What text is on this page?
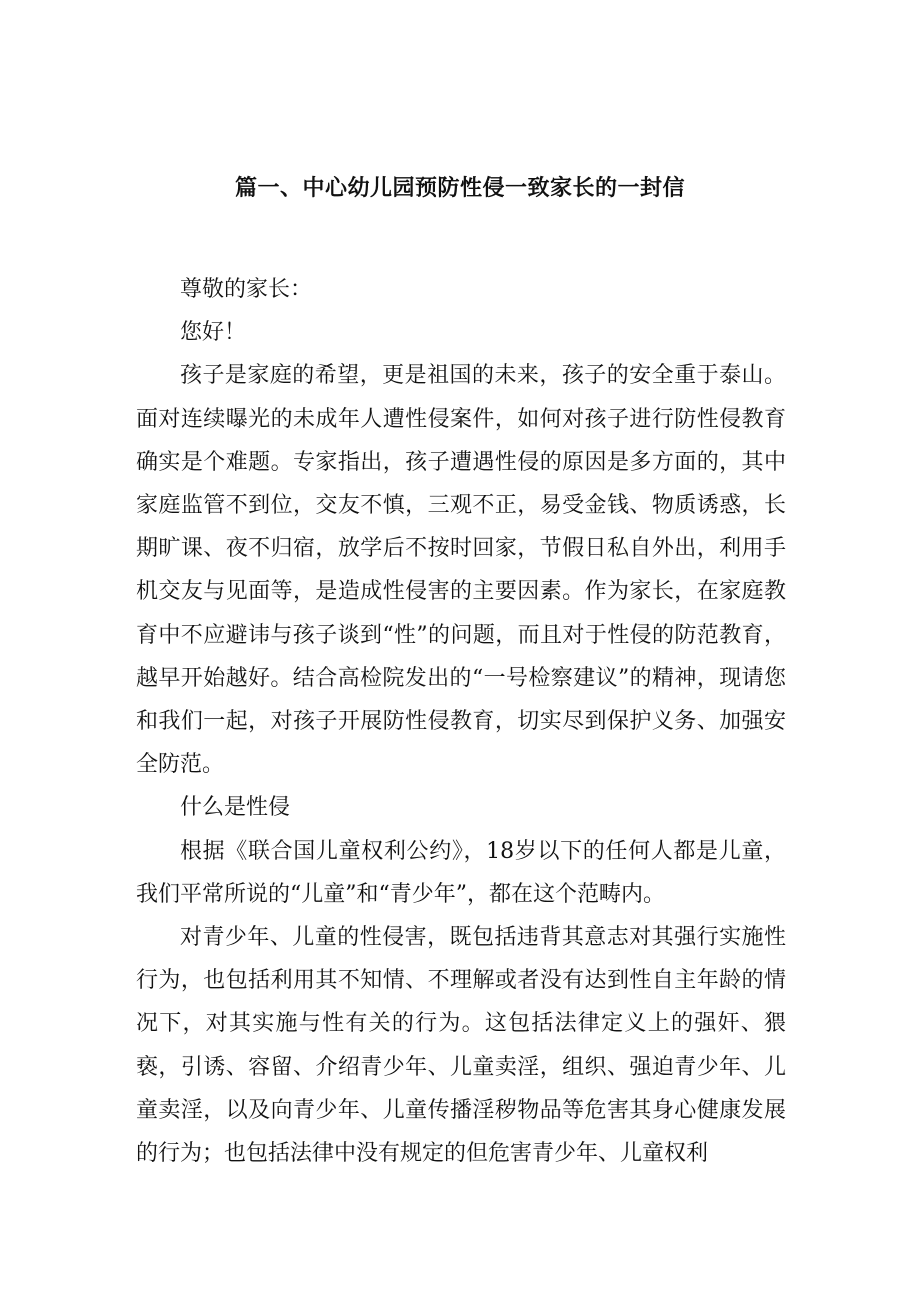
篇一、中心幼儿园预防性侵一致家长的一封信

尊敬的家长：

您好！

孩子是家庭的希望，更是祖国的未来，孩子的安全重于泰山。面对连续曝光的未成年人遭性侵案件，如何对孩子进行防性侵教育确实是个难题。专家指出，孩子遭遇性侵的原因是多方面的，其中家庭监管不到位，交友不慎，三观不正，易受金钱、物质诱惑，长期旷课、夜不归宿，放学后不按时回家，节假日私自外出，利用手机交友与见面等，是造成性侵害的主要因素。作为家长，在家庭教育中不应避讳与孩子谈到“性”的问题，而且对于性侵的防范教育，越早开始越好。结合高检院发出的“一号检察建议”的精神，现请您和我们一起，对孩子开展防性侵教育，切实尽到保护义务、加强安全防范。

什么是性侵

根据《联合国儿童权利公约》，18岁以下的任何人都是儿童，我们平常所说的“儿童”和“青少年”，都在这个范畴内。

对青少年、儿童的性侵害，既包括违背其意志对其强行实施性行为，也包括利用其不知情、不理解或者没有达到性自主年龄的情况下，对其实施与性有关的行为。这包括法律定义上的强奸、猥亵，引诱、容留、介绍青少年、儿童卖淫，组织、强迫青少年、儿童卖淫，以及向青少年、儿童传播淫秽物品等危害其身心健康发展的行为；也包括法律中没有规定的但危害青少年、儿童权利
